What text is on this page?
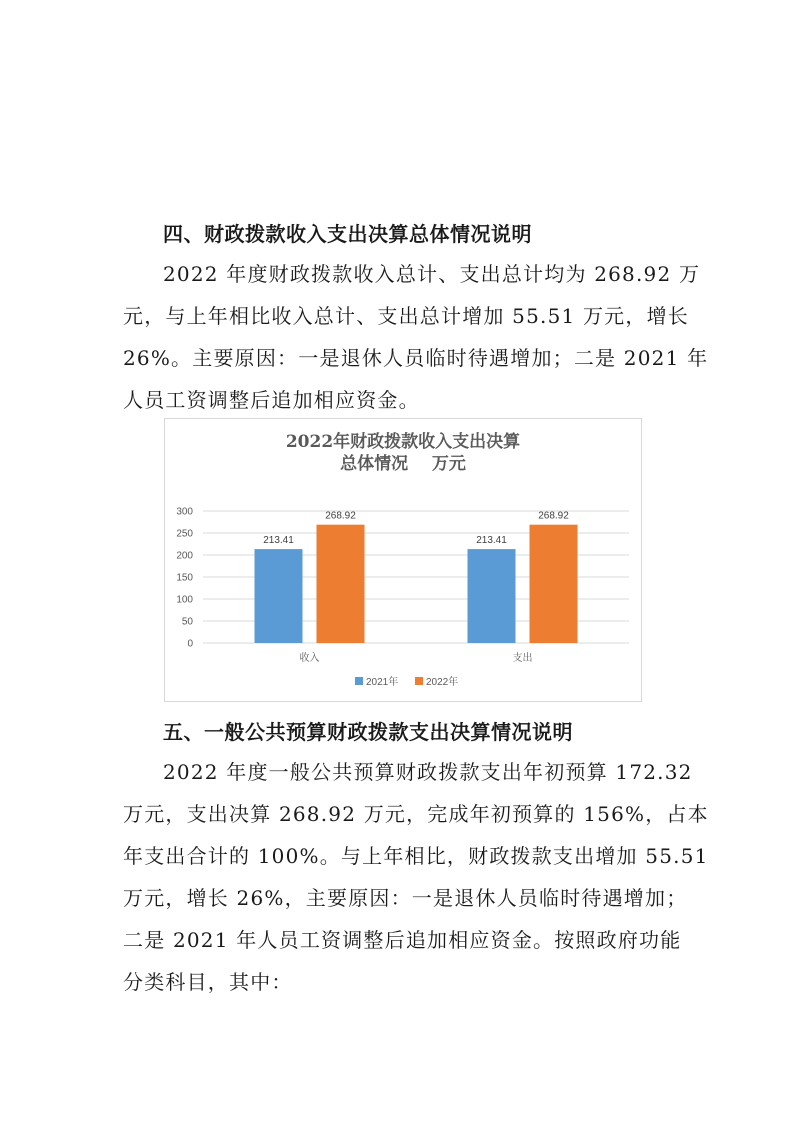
四、财政拨款收入支出决算总体情况说明
2022 年度财政拨款收入总计、支出总计均为 268.92 万
元，与上年相比收入总计、支出总计增加 55.51 万元，增长
26%。主要原因：一是退休人员临时待遇增加；二是 2021 年
人员工资调整后追加相应资金。
2022年财政拨款收入支出决算
总体情况    万元
0
50
100
150
200
250
300
213.41
268.92
213.41
268.92
收入	支出
2021年	2022年
五、一般公共预算财政拨款支出决算情况说明
2022 年度一般公共预算财政拨款支出年初预算 172.32
万元，支出决算 268.92 万元，完成年初预算的 156%，占本
年支出合计的 100%。与上年相比，财政拨款支出增加 55.51
万元，增长 26%，主要原因：一是退休人员临时待遇增加；
二是 2021 年人员工资调整后追加相应资金。按照政府功能
分类科目，其中：
